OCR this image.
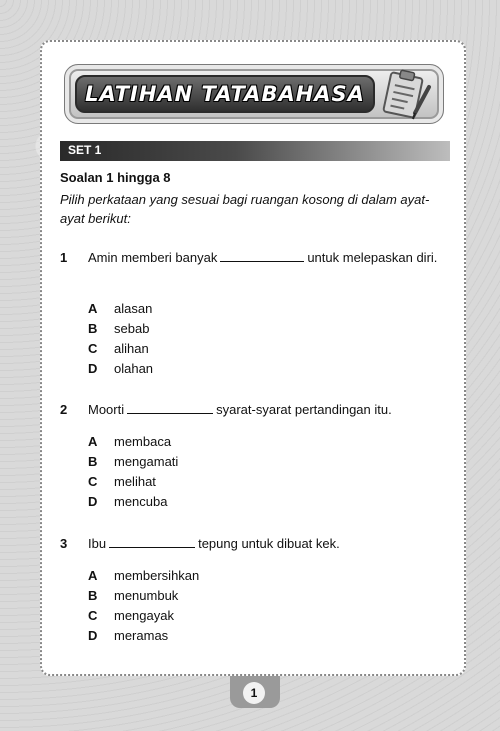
LATIHAN TATABAHASA
SET 1
Soalan 1 hingga 8
Pilih perkataan yang sesuai bagi ruangan kosong di dalam ayat-ayat berikut:
1 Amin memberi banyak	untuk melepaskan diri.
A alasan
B sebab
C alihan
D olahan
2 Moorti	syarat-syarat pertandingan itu.
A membaca
B mengamati
C melihat
D mencuba
3 Ibu	tepung untuk dibuat kek.
A membersihkan
B menumbuk
C mengayak
D meramas
1
